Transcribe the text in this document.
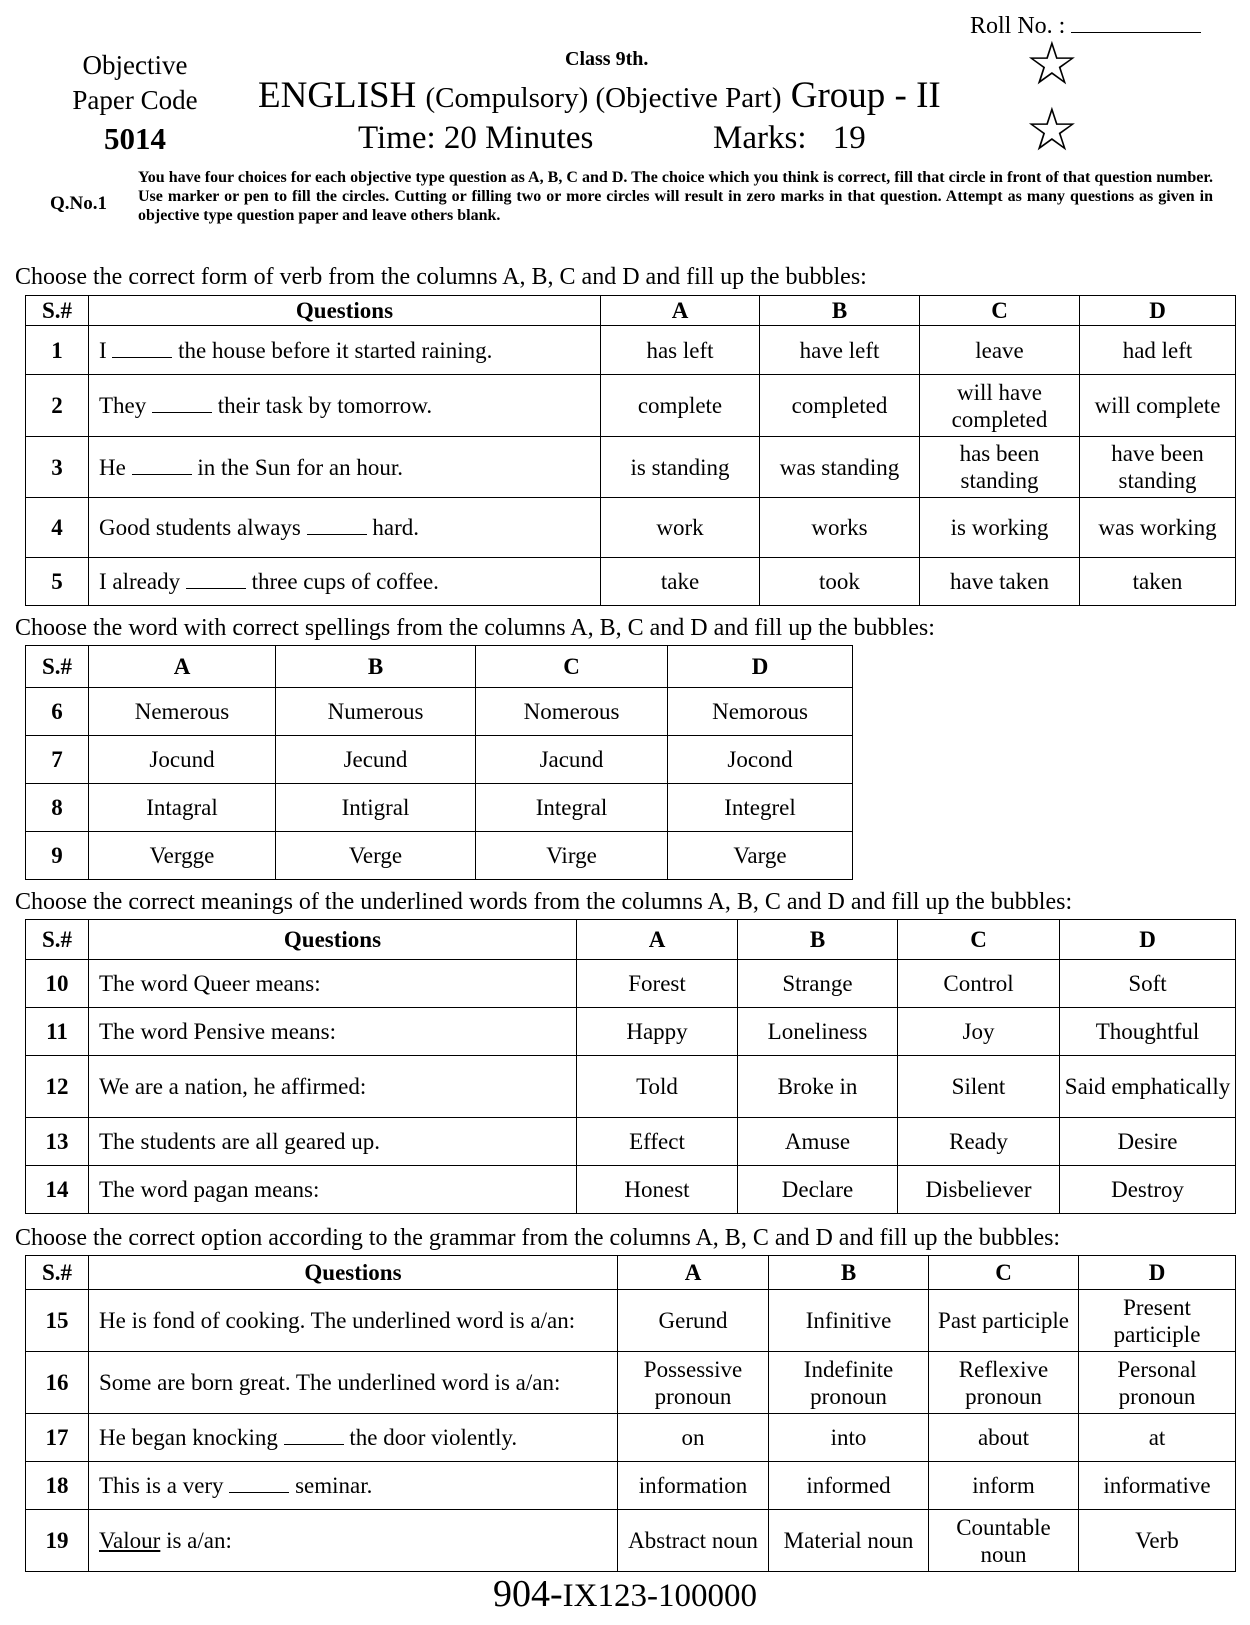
Roll No. :
Objective
Paper Code
5014
Class 9th.
ENGLISH (Compulsory) (Objective Part) Group - II
Time: 20 Minutes	Marks: 19
☆
☆
Q.No.1
You have four choices for each objective type question as A, B, C and D. The choice which you think is correct, fill that circle in front of that question number. Use marker or pen to fill the circles. Cutting or filling two or more circles will result in zero marks in that question. Attempt as many questions as given in objective type question paper and leave others blank.
Choose the correct form of verb from the columns A, B, C and D and fill up the bubbles:
S.#	Questions	A	B	C	D
1	I the house before it started raining.	has left	have left	leave	had left
2	They their task by tomorrow.	complete	completed	will have completed	will complete
3	He in the Sun for an hour.	is standing	was standing	has been standing	have been standing
4	Good students always hard.	work	works	is working	was working
5	I already three cups of coffee.	take	took	have taken	taken
Choose the word with correct spellings from the columns A, B, C and D and fill up the bubbles:
S.#	A	B	C	D
6	Nemerous	Numerous	Nomerous	Nemorous
7	Jocund	Jecund	Jacund	Jocond
8	Intagral	Intigral	Integral	Integrel
9	Vergge	Verge	Virge	Varge
Choose the correct meanings of the underlined words from the columns A, B, C and D and fill up the bubbles:
S.#	Questions	A	B	C	D
10	The word Queer means:	Forest	Strange	Control	Soft
11	The word Pensive means:	Happy	Loneliness	Joy	Thoughtful
12	We are a nation, he affirmed:	Told	Broke in	Silent	Said emphatically
13	The students are all geared up.	Effect	Amuse	Ready	Desire
14	The word pagan means:	Honest	Declare	Disbeliever	Destroy
Choose the correct option according to the grammar from the columns A, B, C and D and fill up the bubbles:
S.#	Questions	A	B	C	D
15	He is fond of cooking. The underlined word is a/an:	Gerund	Infinitive	Past participle	Present participle
16	Some are born great. The underlined word is a/an:	Possessive pronoun	Indefinite pronoun	Reflexive pronoun	Personal pronoun
17	He began knocking the door violently.	on	into	about	at
18	This is a very seminar.	information	informed	inform	informative
19	Valour is a/an:	Abstract noun	Material noun	Countable noun	Verb
904-IX123-100000
